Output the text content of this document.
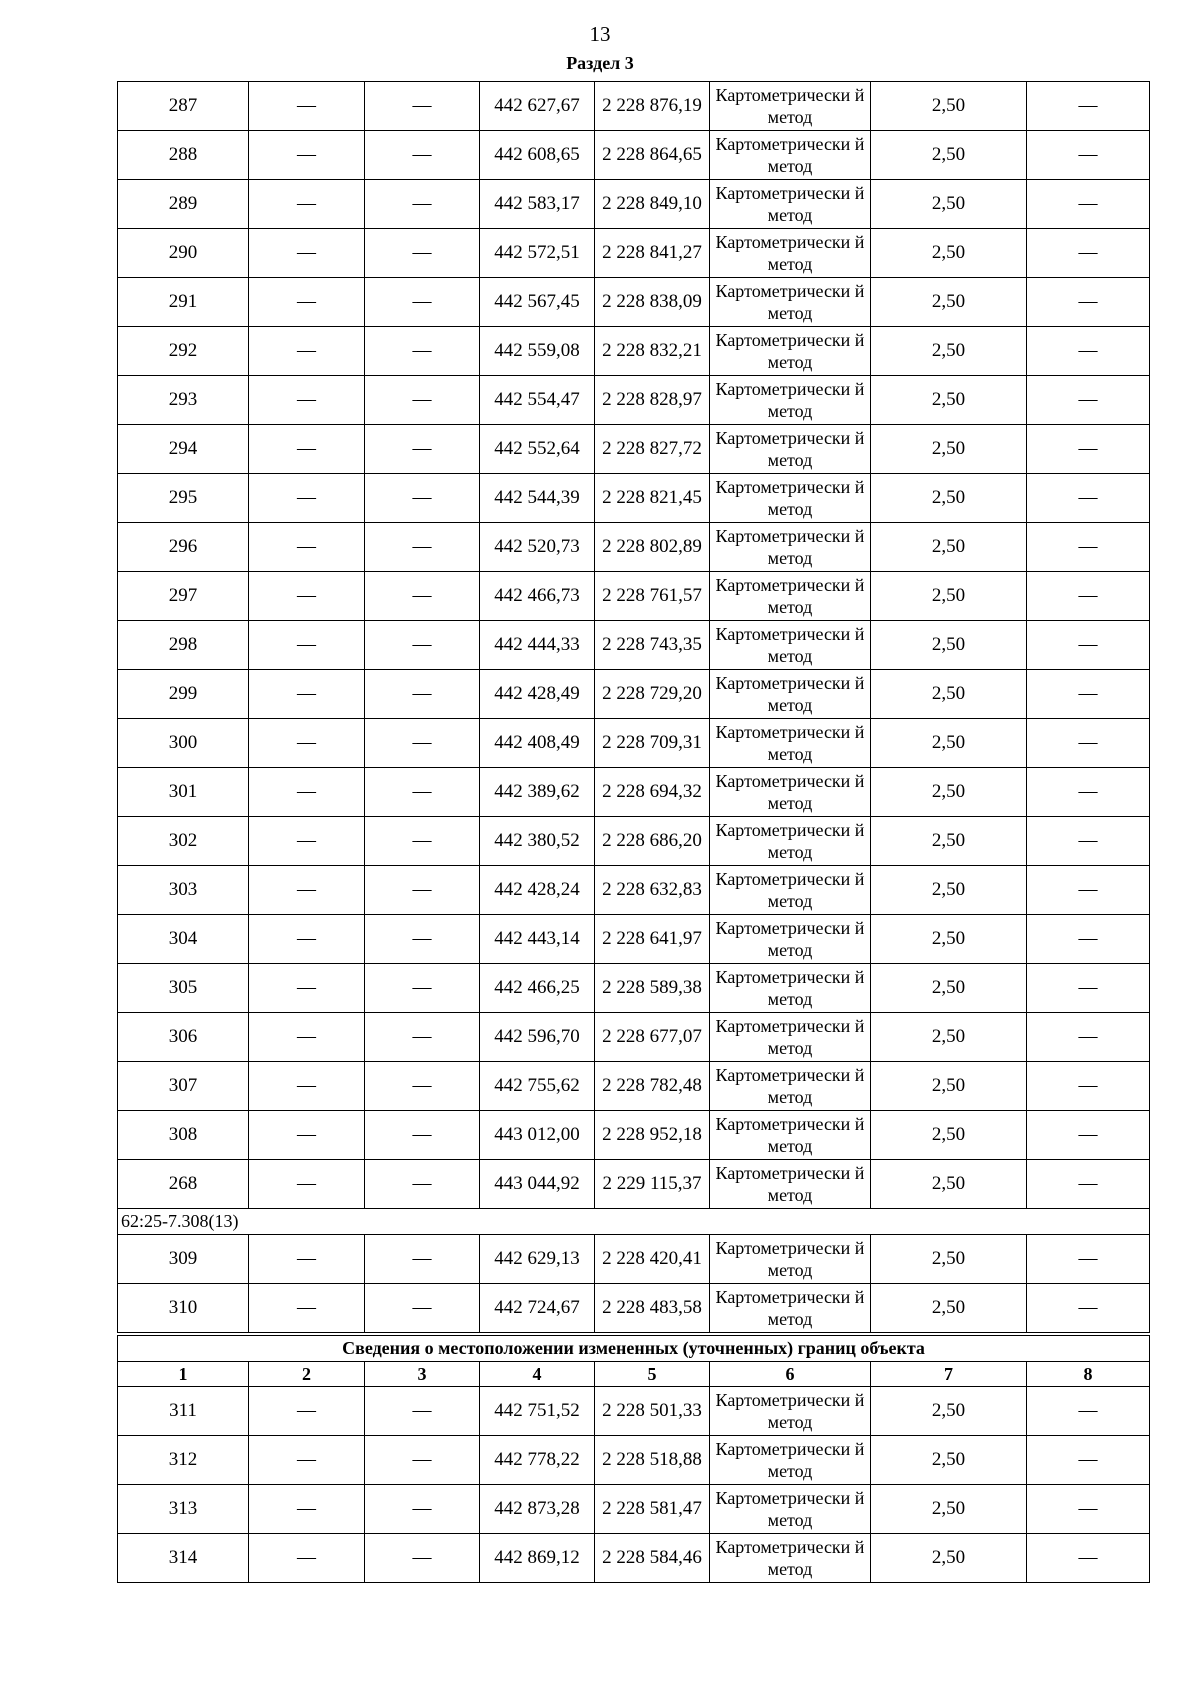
13
Раздел 3
287	—	—	442 627,67	2 228 876,19	Картометрически й метод	2,50	—
288	—	—	442 608,65	2 228 864,65	Картометрически й метод	2,50	—
289	—	—	442 583,17	2 228 849,10	Картометрически й метод	2,50	—
290	—	—	442 572,51	2 228 841,27	Картометрически й метод	2,50	—
291	—	—	442 567,45	2 228 838,09	Картометрически й метод	2,50	—
292	—	—	442 559,08	2 228 832,21	Картометрически й метод	2,50	—
293	—	—	442 554,47	2 228 828,97	Картометрически й метод	2,50	—
294	—	—	442 552,64	2 228 827,72	Картометрически й метод	2,50	—
295	—	—	442 544,39	2 228 821,45	Картометрически й метод	2,50	—
296	—	—	442 520,73	2 228 802,89	Картометрически й метод	2,50	—
297	—	—	442 466,73	2 228 761,57	Картометрически й метод	2,50	—
298	—	—	442 444,33	2 228 743,35	Картометрически й метод	2,50	—
299	—	—	442 428,49	2 228 729,20	Картометрически й метод	2,50	—
300	—	—	442 408,49	2 228 709,31	Картометрически й метод	2,50	—
301	—	—	442 389,62	2 228 694,32	Картометрически й метод	2,50	—
302	—	—	442 380,52	2 228 686,20	Картометрически й метод	2,50	—
303	—	—	442 428,24	2 228 632,83	Картометрически й метод	2,50	—
304	—	—	442 443,14	2 228 641,97	Картометрически й метод	2,50	—
305	—	—	442 466,25	2 228 589,38	Картометрически й метод	2,50	—
306	—	—	442 596,70	2 228 677,07	Картометрически й метод	2,50	—
307	—	—	442 755,62	2 228 782,48	Картометрически й метод	2,50	—
308	—	—	443 012,00	2 228 952,18	Картометрически й метод	2,50	—
268	—	—	443 044,92	2 229 115,37	Картометрически й метод	2,50	—
62:25-7.308(13)							
309	—	—	442 629,13	2 228 420,41	Картометрически й метод	2,50	—
310	—	—	442 724,67	2 228 483,58	Картометрически й метод	2,50	—
Сведения о местоположении измененных (уточненных) границ объекта							
1	2	3	4	5	6	7	8
311	—	—	442 751,52	2 228 501,33	Картометрически й метод	2,50	—
312	—	—	442 778,22	2 228 518,88	Картометрически й метод	2,50	—
313	—	—	442 873,28	2 228 581,47	Картометрически й метод	2,50	—
314	—	—	442 869,12	2 228 584,46	Картометрически й метод	2,50	—
